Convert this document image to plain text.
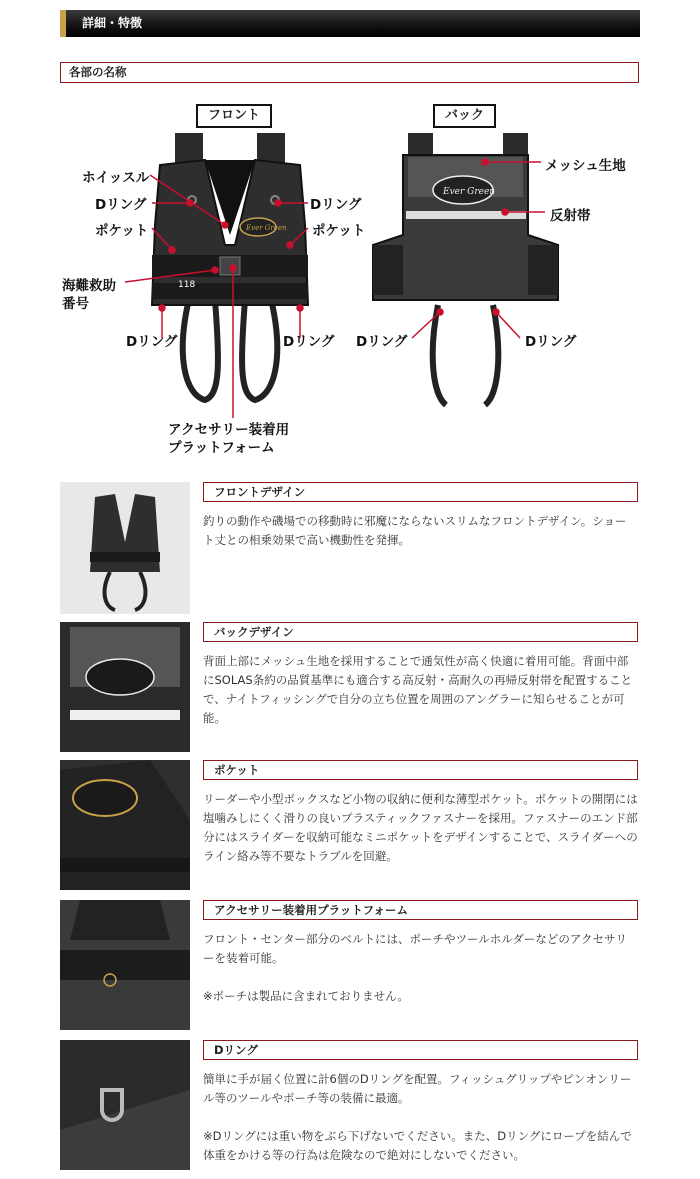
詳細・特徴
各部の名称
フロント	バック
118
Ever Green
Ever Green
ホイッスル
Dリング	Dリング
ポケット	ポケット
海難救助
番号
Dリング	Dリング
アクセサリー装着用
プラットフォーム
メッシュ生地
反射帯
Dリング	Dリング
フロントデザイン
釣りの動作や磯場での移動時に邪魔にならないスリムなフロントデザイン。ショート丈との相乗効果で高い機動性を発揮。
バックデザイン
背面上部にメッシュ生地を採用することで通気性が高く快適に着用可能。背面中部にSOLAS条約の品質基準にも適合する高反射・高耐久の再帰反射帯を配置することで、ナイトフィッシングで自分の立ち位置を周囲のアングラーに知らせることが可能。
ポケット
リーダーや小型ボックスなど小物の収納に便利な薄型ポケット。ポケットの開閉には塩噛みしにくく滑りの良いプラスティックファスナーを採用。ファスナーのエンド部分にはスライダーを収納可能なミニポケットをデザインすることで、スライダーへのライン絡み等不要なトラブルを回避。
アクセサリー装着用プラットフォーム
フロント・センター部分のベルトには、ポーチやツールホルダーなどのアクセサリーを装着可能。
※ポーチは製品に含まれておりません。
Dリング
簡単に手が届く位置に計6個のDリングを配置。フィッシュグリップやピンオンリール等のツールやポーチ等の装備に最適。
※Dリングには重い物をぶら下げないでください。また、Dリングにロープを結んで体重をかける等の行為は危険なので絶対にしないでください。
